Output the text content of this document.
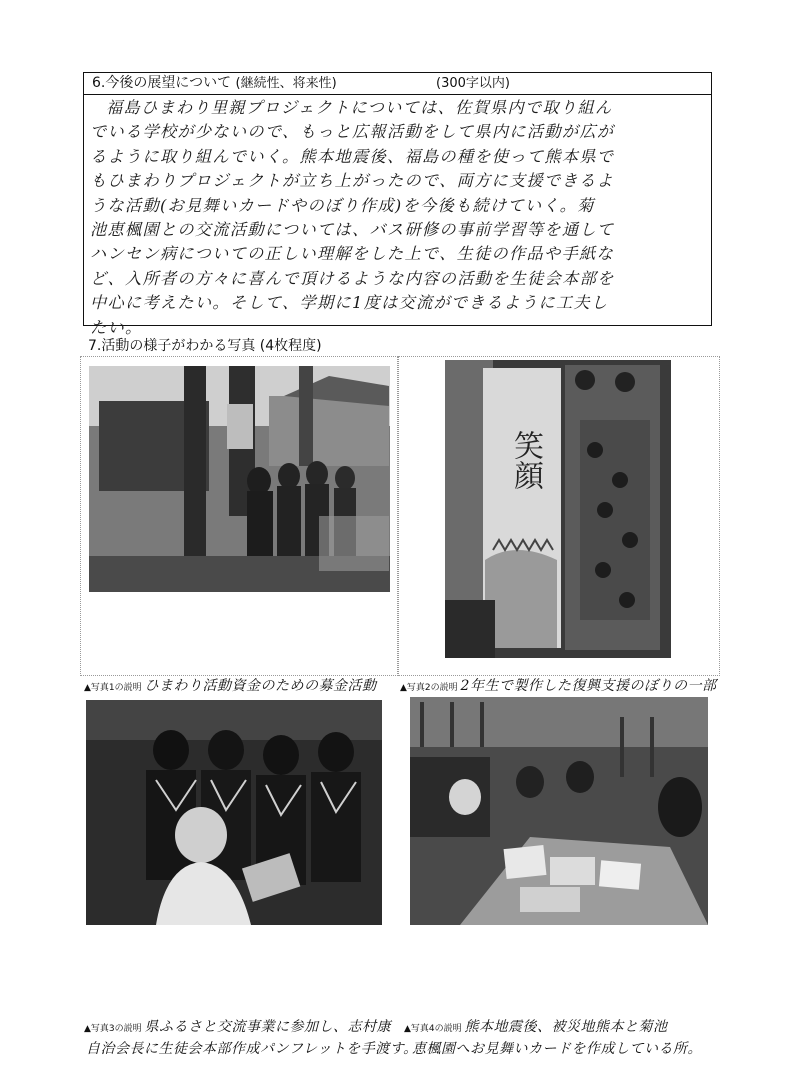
6.今後の展望について (継続性、将来性)	(300字以内)
福島ひまわり里親プロジェクトについては、佐賀県内で取り組ん
でいる学校が少ないので、もっと広報活動をして県内に活動が広が
るように取り組んでいく。熊本地震後、福島の種を使って熊本県で
もひまわりプロジェクトが立ち上がったので、両方に支援できるよ
うな活動(お見舞いカードやのぼり作成)を今後も続けていく。菊
池恵楓園との交流活動については、バス研修の事前学習等を通して
ハンセン病についての正しい理解をした上で、生徒の作品や手紙な
ど、入所者の方々に喜んで頂けるような内容の活動を生徒会本部を
中心に考えたい。そして、学期に1度は交流ができるように工夫し
たい。
7.活動の様子がわかる写真 (4枚程度)
笑顔
▲写真1の説明 ひまわり活動資金のための募金活動	▲写真2の説明 2年生で製作した復興支援のぼりの一部
▲写真3の説明 県ふるさと交流事業に参加し、志村康
自治会長に生徒会本部作成パンフレットを手渡す。
▲写真4の説明 熊本地震後、被災地熊本と菊池
恵楓園へお見舞いカードを作成している所。
